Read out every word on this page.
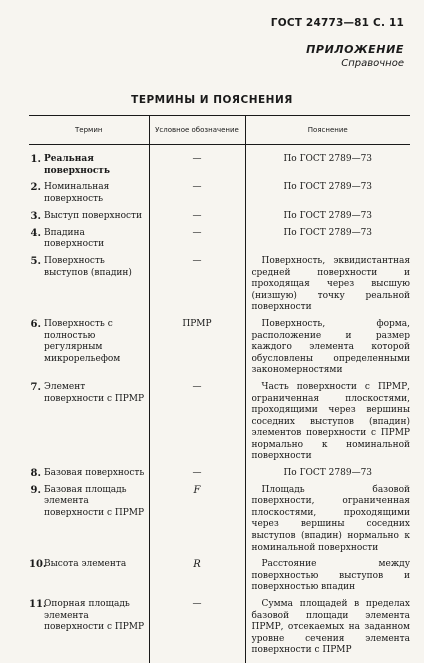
ГОСТ 24773—81 С. 11
ПРИЛОЖЕНИЕ
Справочное
ТЕРМИНЫ И ПОЯСНЕНИЯ
Термин	Условное обозначение	Пояснение

1. Реальная поверхность	—	По ГОСТ 2789—73

2. Номинальная поверхность	—	По ГОСТ 2789—73

3. Выступ поверхности	—	По ГОСТ 2789—73

4. Впадина поверхности	—	По ГОСТ 2789—73

5. Поверхность выступов (впадин)	—	Поверхность, эквидистантная средней поверхности и проходящая через высшую (низшую) точку реальной поверхности

6. Поверхность с полностью регулярным микрорельефом	ПРМР	Поверхность, форма, расположение и размер каждого элемента которой обусловлены определенными закономерностями

7. Элемент поверхности с ПРМР	—	Часть поверхности с ПРМР, ограниченная плоскостями, проходящими через вершины соседних выступов (впадин) элементов поверхности с ПРМР нормально к номинальной поверхности

8. Базовая поверхность	—	По ГОСТ 2789—73

9. Базовая площадь элемента поверхности с ПРМР	F	Площадь базовой поверхности, ограниченная плоскостями, проходящими через вершины соседних выступов (впадин) нормально к номинальной поверхности

10.
Высота элемента	R	Расстояние между поверхностью выступов и поверхностью впадин

11.
Опорная площадь элемента поверхности с ПРМР	—	Сумма площадей в пределах базовой площади элемента ПРМР, отсекаемых на заданном уровне сечения элемента поверхности с ПРМР
